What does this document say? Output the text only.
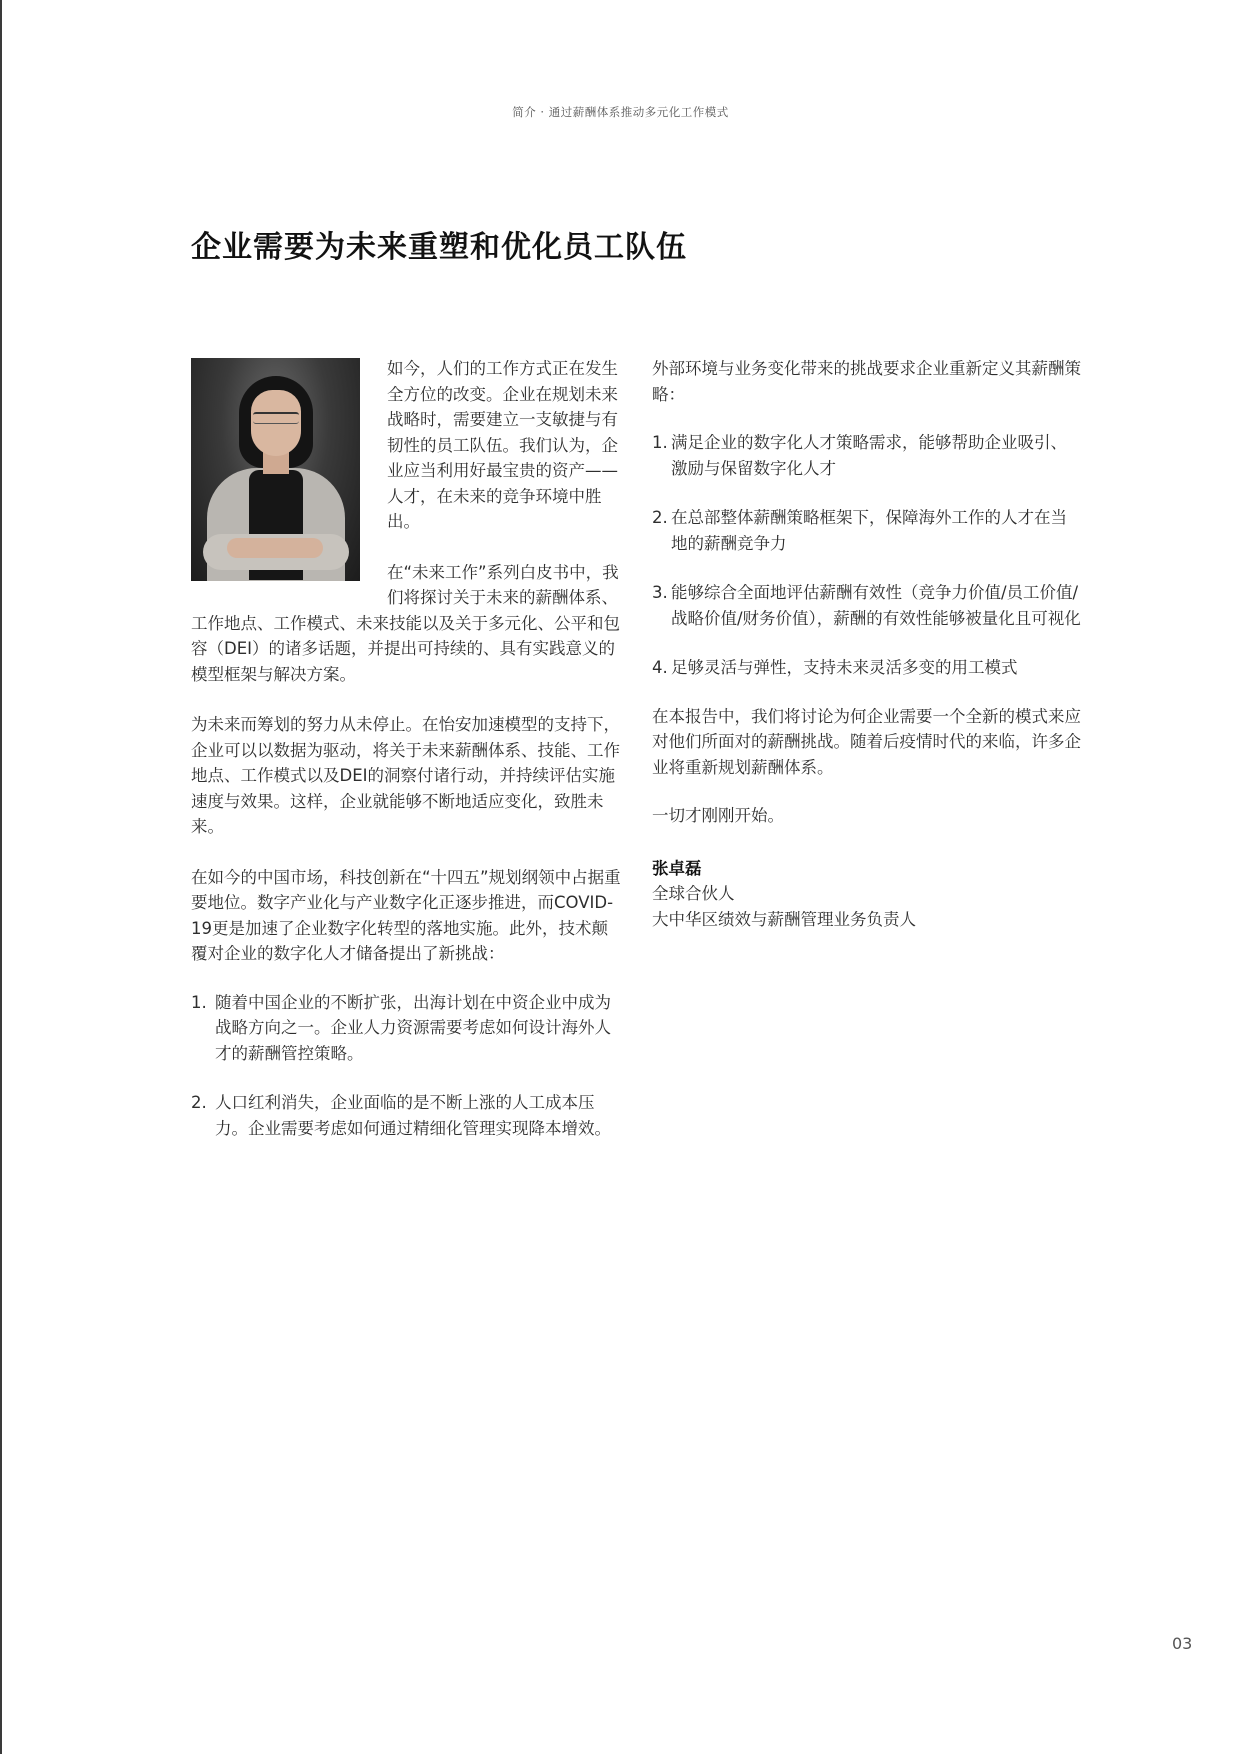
简介 · 通过薪酬体系推动多元化工作模式
企业需要为未来重塑和优化员工队伍

如今，人们的工作方式正在发生全方位的改变。企业在规划未来战略时，需要建立一支敏捷与有韧性的员工队伍。我们认为，企业应当利用好最宝贵的资产——人才，在未来的竞争环境中胜出。

在“未来工作”系列白皮书中，我们将探讨关于未来的薪酬体系、工作地点、工作模式、未来技能以及关于多元化、公平和包容（DEI）的诸多话题，并提出可持续的、具有实践意义的模型框架与解决方案。

为未来而筹划的努力从未停止。在怡安加速模型的支持下，企业可以以数据为驱动，将关于未来薪酬体系、技能、工作地点、工作模式以及DEI的洞察付诸行动，并持续评估实施速度与效果。这样，企业就能够不断地适应变化，致胜未来。

在如今的中国市场，科技创新在“十四五”规划纲领中占据重要地位。数字产业化与产业数字化正逐步推进，而COVID-19更是加速了企业数字化转型的落地实施。此外，技术颠覆对企业的数字化人才储备提出了新挑战：

1. 随着中国企业的不断扩张，出海计划在中资企业中成为战略方向之一。企业人力资源需要考虑如何设计海外人才的薪酬管控策略。
2. 人口红利消失，企业面临的是不断上涨的人工成本压力。企业需要考虑如何通过精细化管理实现降本增效。

外部环境与业务变化带来的挑战要求企业重新定义其薪酬策略：

1. 满足企业的数字化人才策略需求，能够帮助企业吸引、激励与保留数字化人才
2. 在总部整体薪酬策略框架下，保障海外工作的人才在当地的薪酬竞争力
3. 能够综合全面地评估薪酬有效性（竞争力价值/员工价值/战略价值/财务价值），薪酬的有效性能够被量化且可视化
4. 足够灵活与弹性，支持未来灵活多变的用工模式

在本报告中，我们将讨论为何企业需要一个全新的模式来应对他们所面对的薪酬挑战。随着后疫情时代的来临，许多企业将重新规划薪酬体系。

一切才刚刚开始。

张卓磊

全球合伙人

大中华区绩效与薪酬管理业务负责人

03
